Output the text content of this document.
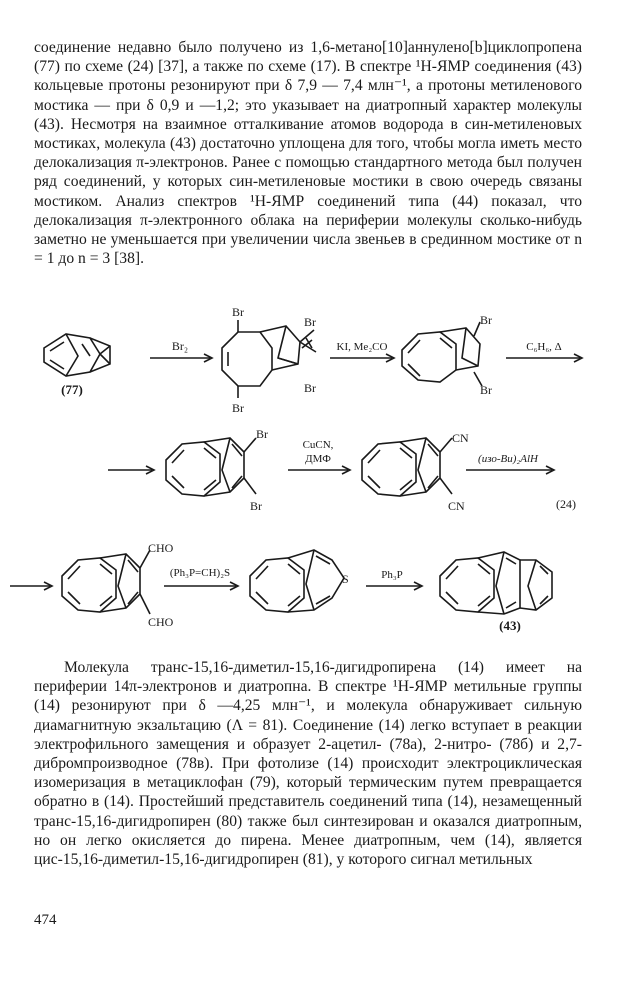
соединение недавно было получено из 1,6-метано[10]аннулено[b]циклопропена (77) по схеме (24) [37], а также по схеме (17). В спектре ¹H-ЯМР соединения (43) кольцевые протоны резонируют при δ 7,9 — 7,4 млн⁻¹, а протоны метиленового мостика — при δ 0,9 и —1,2; это указывает на диатропный характер молекулы (43). Несмотря на взаимное отталкивание атомов водорода в син-метиленовых мостиках, молекула (43) достаточно уплощена для того, чтобы могла иметь место делокализация π-электронов. Ранее с помощью стандартного метода был получен ряд соединений, у которых син-метиленовые мостики в свою очередь связаны мостиком. Анализ спектров ¹H-ЯМР соединений типа (44) показал, что делокализация π-электронного облака на периферии молекулы сколько-нибудь заметно не уменьшается при увеличении числа звеньев в срединном мостике от n = 1 до n = 3 [38].

(77)
Br₂
Br
Br
Br
Br
KI, Me₂CO
Br
Br
C₆H₆, Δ
Br
Br
CuCN,
ДМФ
CN
CN
(изо-Bu)₂AlH
(24)
CHO
CHO
(Ph₃P=CH)₂S	S	Ph₃P
(43)

Молекула транс-15,16-диметил-15,16-дигидропирена (14) имеет на периферии 14π-электронов и диатропна. В спектре ¹H-ЯМР метильные группы (14) резонируют при δ —4,25 млн⁻¹, и молекула обнаруживает сильную диамагнитную экзальтацию (Λ = 81). Соединение (14) легко вступает в реакции электрофильного замещения и образует 2-ацетил- (78а), 2-нитро- (78б) и 2,7-дибромпроизводное (78в). При фотолизе (14) происходит электроциклическая изомеризация в метациклофан (79), который термическим путем превращается обратно в (14). Простейший представитель соединений типа (14), незамещенный транс-15,16-дигидропирен (80) также был синтезирован и оказался диатропным, но он легко окисляется до пирена. Менее диатропным, чем (14), является цис-15,16-диметил-15,16-дигидропирен (81), у которого сигнал метильных

474
